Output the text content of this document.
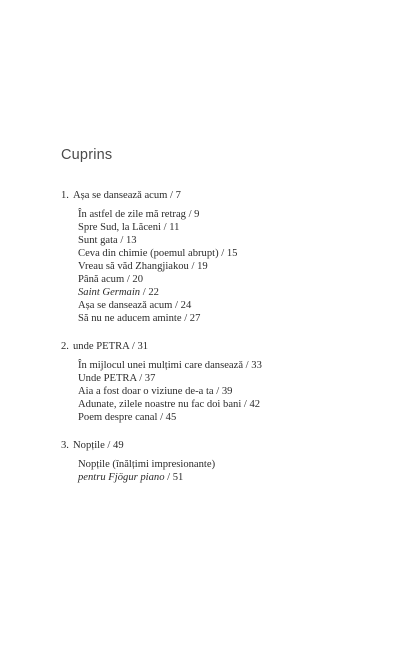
Cuprins
1. Așa se danseazǎ acum / 7
În astfel de zile mă retrag / 9
Spre Sud, la Lăceni / 11
Sunt gata / 13
Ceva din chimie (poemul abrupt) / 15
Vreau să văd Zhangjiakou / 19
Până acum / 20
Saint Germain / 22
Așa se danseazǎ acum / 24
Să nu ne aducem aminte / 27
2. unde PETRA / 31
În mijlocul unei mulțimi care danseazǎ / 33
Unde PETRA / 37
Aia a fost doar o viziune de-a ta / 39
Adunate, zilele noastre nu fac doi bani / 42
Poem despre canal / 45
3. Nopțile / 49
Nopțile (înălțimi impresionante)
pentru Fjögur piano / 51
